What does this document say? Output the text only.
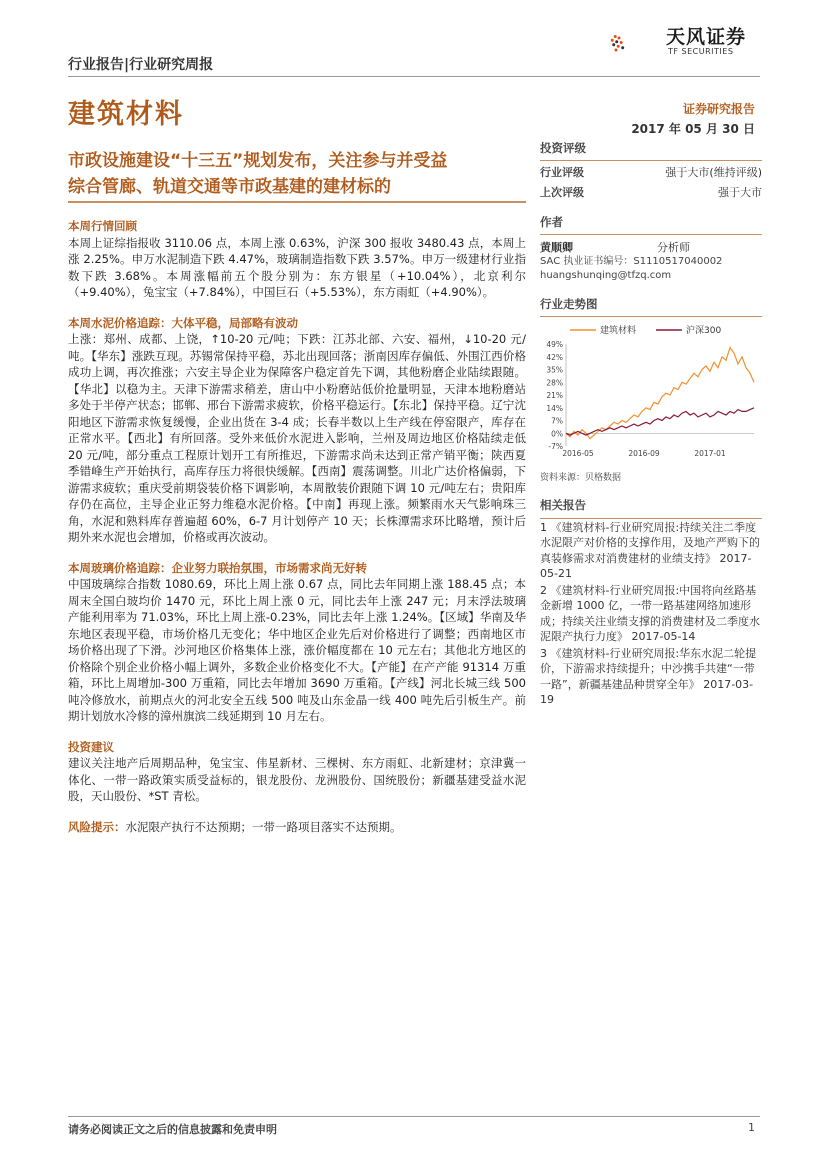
行业报告|行业研究周报
天风证券
TF SECURITIES
建筑材料	证券研究报告
2017 年 05 月 30 日
市政设施建设“十三五”规划发布，关注参与并受益
综合管廊、轨道交通等市政基建的建材标的
本周行情回顾

本周上证综指报收 3110.06 点，本周上涨 0.63%，沪深 300 报收 3480.43 点，本周上涨 2.25%。申万水泥制造下跌 4.47%，玻璃制造指数下跌 3.57%。申万一级建材行业指数下跌 3.68%。本周涨幅前五个股分别为：东方银星（+10.04%），北京利尔（+9.40%），兔宝宝（+7.84%），中国巨石（+5.53%），东方雨虹（+4.90%）。

本周水泥价格追踪：大体平稳，局部略有波动

上涨：郑州、成都、上饶，↑10-20 元/吨；下跌：江苏北部、六安、福州，↓10-20 元/吨。【华东】涨跌互现。苏锡常保持平稳，苏北出现回落；浙南因库存偏低、外围江西价格成功上调，再次推涨；六安主导企业为保障客户稳定首先下调，其他粉磨企业陆续跟随。【华北】以稳为主。天津下游需求稍差，唐山中小粉磨站低价抢量明显，天津本地粉磨站多处于半停产状态；邯郸、邢台下游需求疲软，价格平稳运行。【东北】保持平稳。辽宁沈阳地区下游需求恢复缓慢，企业出货在 3-4 成；长春半数以上生产线在停窑限产，库存在正常水平。【西北】有所回落。受外来低价水泥进入影响，兰州及周边地区价格陆续走低 20 元/吨，部分重点工程原计划开工有所推迟，下游需求尚未达到正常产销平衡；陕西夏季错峰生产开始执行，高库存压力将很快缓解。【西南】震荡调整。川北广达价格偏弱，下游需求疲软；重庆受前期袋装价格下调影响，本周散装价跟随下调 10 元/吨左右；贵阳库存仍在高位，主导企业正努力维稳水泥价格。【中南】再现上涨。频繁雨水天气影响珠三角，水泥和熟料库存普遍超 60%，6-7 月计划停产 10 天；长株潭需求环比略增，预计后期外来水泥也会增加，价格或再次波动。

本周玻璃价格追踪：企业努力联抬氛围，市场需求尚无好转

中国玻璃综合指数 1080.69，环比上周上涨 0.67 点，同比去年同期上涨 188.45 点；本周末全国白玻均价 1470 元，环比上周上涨 0 元，同比去年上涨 247 元；月末浮法玻璃产能利用率为 71.03%，环比上周上涨-0.23%，同比去年上涨 1.24%。【区域】华南及华东地区表现平稳，市场价格几无变化；华中地区企业先后对价格进行了调整；西南地区市场价格出现了下滑。沙河地区价格集体上涨，涨价幅度都在 10 元左右；其他北方地区的价格除个别企业价格小幅上调外，多数企业价格变化不大。【产能】在产产能 91314 万重箱，环比上周增加-300 万重箱，同比去年增加 3690 万重箱。【产线】河北长城三线 500 吨冷修放水，前期点火的河北安全五线 500 吨及山东金晶一线 400 吨先后引板生产。前期计划放水冷修的漳州旗滨二线延期到 10 月左右。

投资建议

建议关注地产后周期品种，兔宝宝、伟星新材、三棵树、东方雨虹、北新建材；京津冀一体化、一带一路政策实质受益标的，银龙股份、龙洲股份、国统股份；新疆基建受益水泥股，天山股份、*ST 青松。

风险提示：水泥限产执行不达预期；一带一路项目落实不达预期。

投资评级
行业评级	强于大市(维持评级)
上次评级	强于大市
作者
黄顺卿	分析师
SAC 执业证书编号：S1110517040002
huangshunqing@tfzq.com
行业走势图
建筑材料	沪深300
49%
42%
35%
28%
21%
14%
7%
0%
-7%
2016-05	2016-09	2017-01
资料来源：贝格数据
相关报告
1 《建筑材料-行业研究周报:持续关注二季度水泥限产对价格的支撑作用，及地产严购下的真装修需求对消费建材的业绩支持》 2017-05-21
2 《建筑材料-行业研究周报:中国将向丝路基金新增 1000 亿，一带一路基建网络加速形成；持续关注业绩支撑的消费建材及二季度水泥限产执行力度》 2017-05-14
3 《建筑材料-行业研究周报:华东水泥二轮提价，下游需求持续提升；中沙携手共建“一带一路”，新疆基建品种贯穿全年》 2017-03-19
请务必阅读正文之后的信息披露和免责申明	1
